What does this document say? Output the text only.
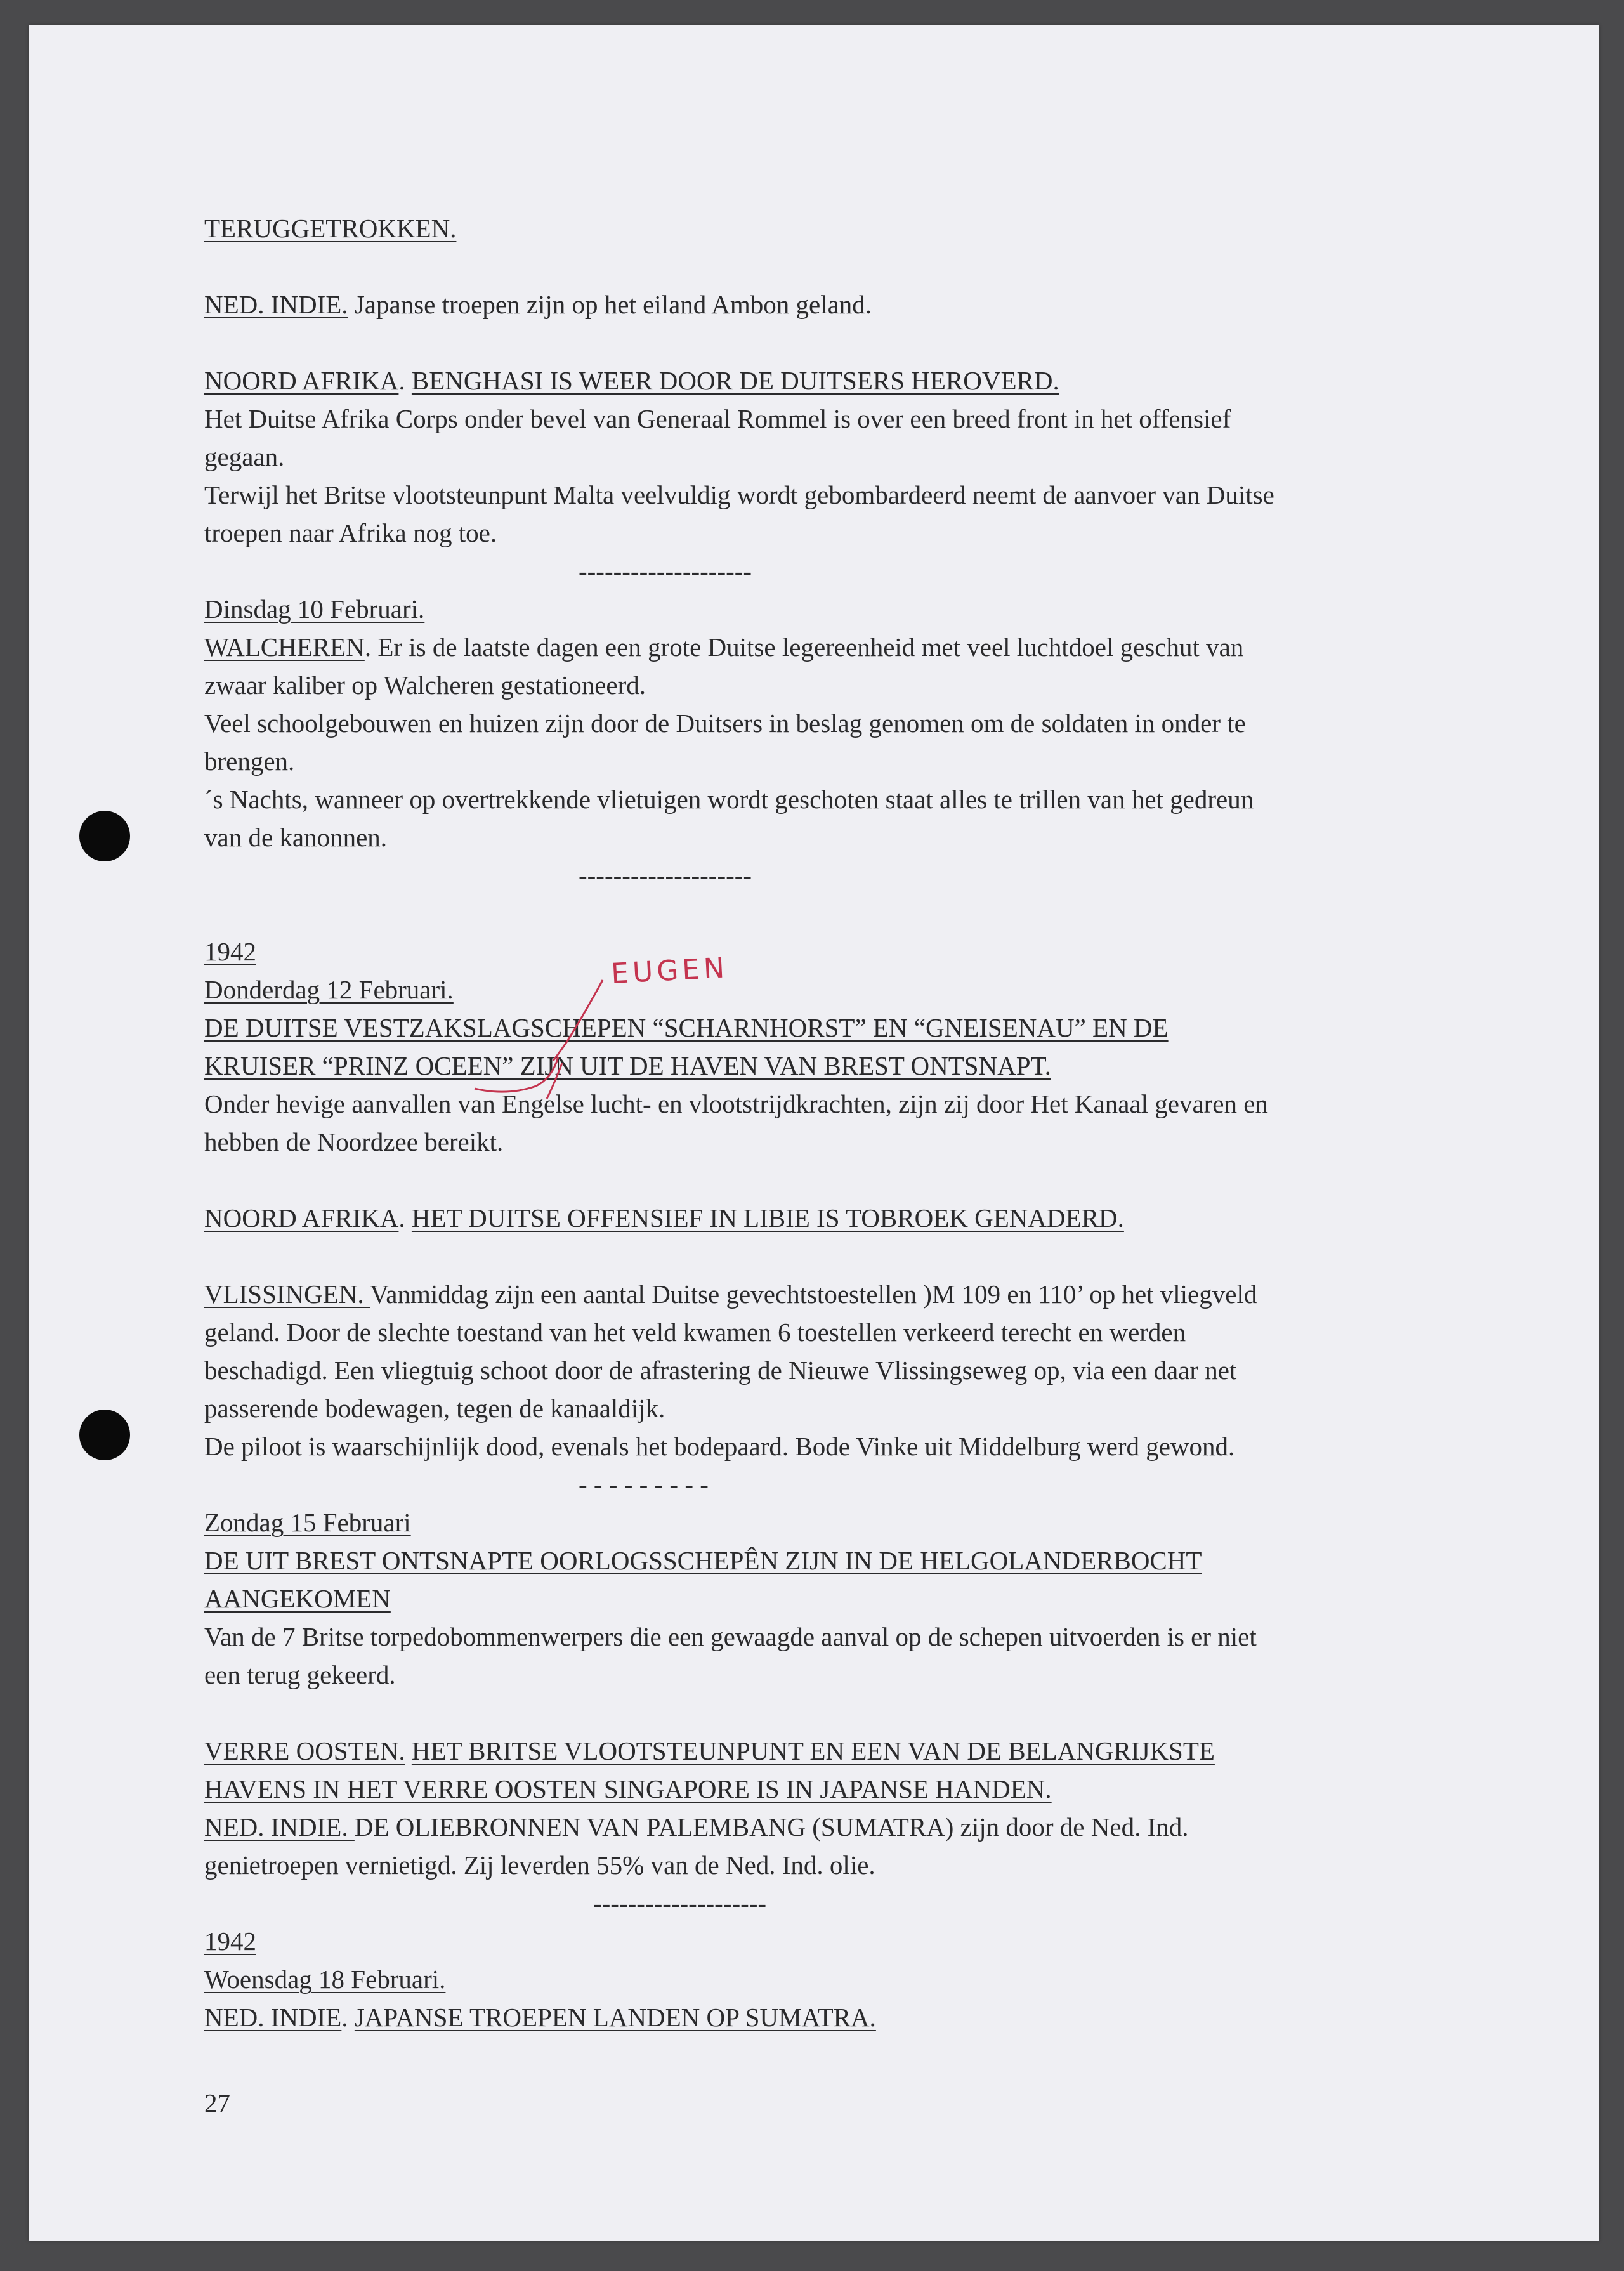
TERUGGETROKKEN.

NED. INDIE. Japanse troepen zijn op het eiland Ambon geland.

NOORD AFRIKA. BENGHASI IS WEER DOOR DE DUITSERS HEROVERD.

Het Duitse Afrika Corps onder bevel van Generaal Rommel is over een breed front in het offensief

gegaan.

Terwijl het Britse vlootsteunpunt Malta veelvuldig wordt gebombardeerd neemt de aanvoer van Duitse

troepen naar Afrika nog toe.

Dinsdag 10 Februari.

WALCHEREN. Er is de laatste dagen een grote Duitse legereenheid met veel luchtdoel geschut van

zwaar kaliber op Walcheren gestationeerd.

Veel schoolgebouwen en huizen zijn door de Duitsers in beslag genomen om de soldaten in onder te

brengen.

´s Nachts, wanneer op overtrekkende vlietuigen wordt geschoten staat alles te trillen van het gedreun

van de kanonnen.

1942

Donderdag 12 Februari.

DE DUITSE VESTZAKSLAGSCHEPEN “SCHARNHORST” EN “GNEISENAU” EN DE

KRUISER “PRINZ OCEEN” ZIJN UIT DE HAVEN VAN BREST ONTSNAPT.

Onder hevige aanvallen van Engelse lucht- en vlootstrijdkrachten, zijn zij door Het Kanaal gevaren en

hebben de Noordzee bereikt.

NOORD AFRIKA. HET DUITSE OFFENSIEF IN LIBIE IS TOBROEK GENADERD.

VLISSINGEN. Vanmiddag zijn een aantal Duitse gevechtstoestellen )M 109 en 110’ op het vliegveld

geland. Door de slechte toestand van het veld kwamen 6 toestellen verkeerd terecht en werden

beschadigd. Een vliegtuig schoot door de afrastering de Nieuwe Vlissingseweg op, via een daar net

passerende bodewagen, tegen de kanaaldijk.

De piloot is waarschijnlijk dood, evenals het bodepaard. Bode Vinke uit Middelburg werd gewond.

Zondag 15 Februari

DE UIT BREST ONTSNAPTE OORLOGSSCHEPÊN ZIJN IN DE HELGOLANDERBOCHT

AANGEKOMEN

Van de 7 Britse torpedobommenwerpers die een gewaagde aanval op de schepen uitvoerden is er niet

een terug gekeerd.

VERRE OOSTEN. HET BRITSE VLOOTSTEUNPUNT EN EEN VAN DE BELANGRIJKSTE

HAVENS IN HET VERRE OOSTEN SINGAPORE IS IN JAPANSE HANDEN.

NED. INDIE. DE OLIEBRONNEN VAN PALEMBANG (SUMATRA) zijn door de Ned. Ind.

genietroepen vernietigd. Zij leverden 55% van de Ned. Ind. olie.

1942

Woensdag 18 Februari.

NED. INDIE. JAPANSE TROEPEN LANDEN OP SUMATRA.

27

--------------------

--------------------

- - - - - - - - -

--------------------

EUGEN
